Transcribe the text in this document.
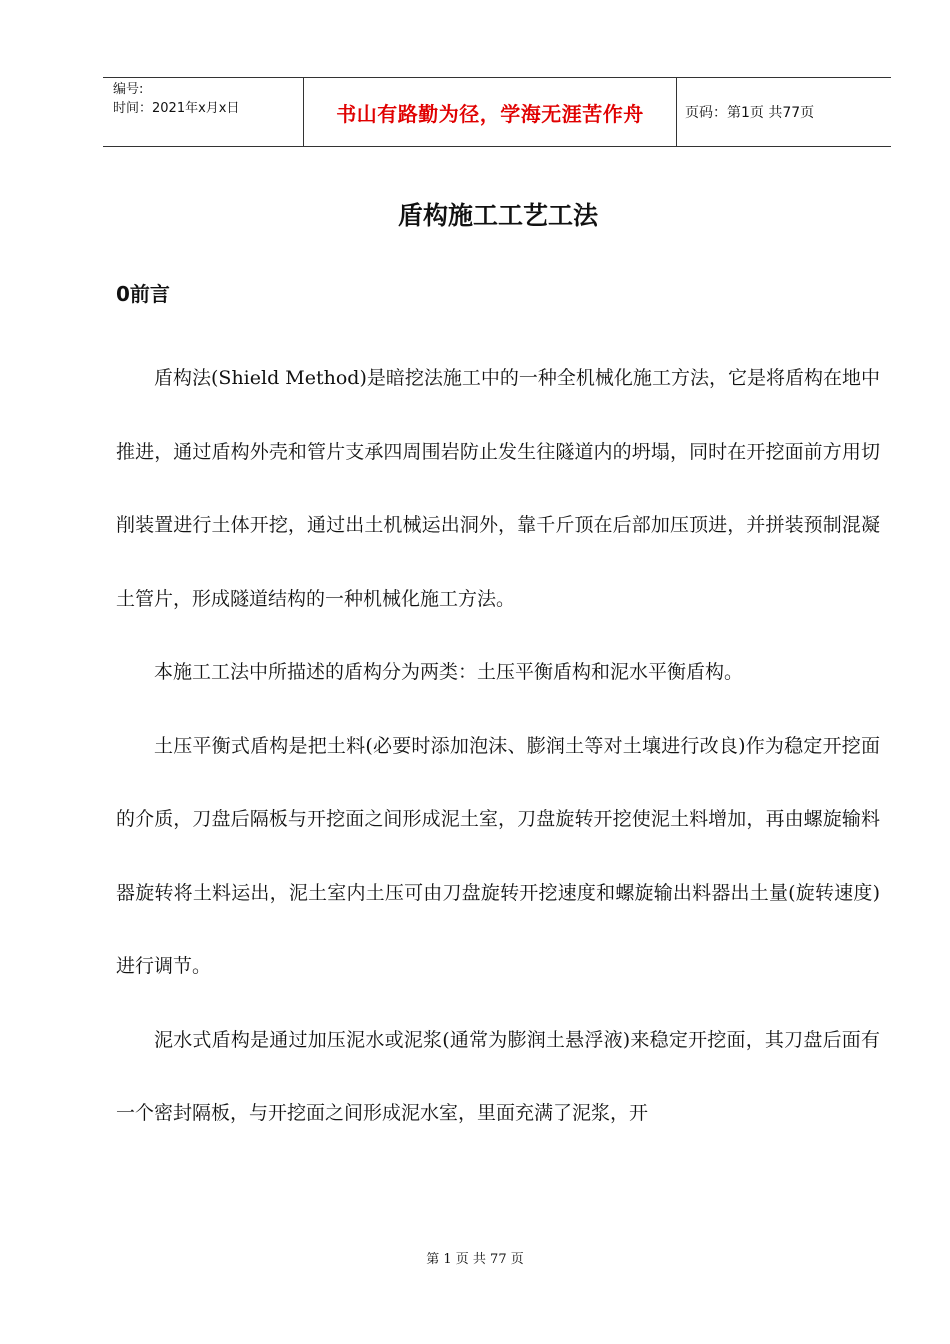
编号:
时间：2021年x月x日	书山有路勤为径，学海无涯苦作舟	页码：第1页 共77页
盾构施工工艺工法
0前言

盾构法(Shield Method)是暗挖法施工中的一种全机械化施工方法，它是将盾构在地中推进，通过盾构外壳和管片支承四周围岩防止发生往隧道内的坍塌，同时在开挖面前方用切削装置进行土体开挖，通过出土机械运出洞外，靠千斤顶在后部加压顶进，并拼装预制混凝土管片，形成隧道结构的一种机械化施工方法。

本施工工法中所描述的盾构分为两类：土压平衡盾构和泥水平衡盾构。

土压平衡式盾构是把土料(必要时添加泡沫、膨润土等对土壤进行改良)作为稳定开挖面的介质，刀盘后隔板与开挖面之间形成泥土室，刀盘旋转开挖使泥土料增加，再由螺旋输料器旋转将土料运出，泥土室内土压可由刀盘旋转开挖速度和螺旋输出料器出土量(旋转速度)进行调节。

泥水式盾构是通过加压泥水或泥浆(通常为膨润土悬浮液)来稳定开挖面，其刀盘后面有一个密封隔板，与开挖面之间形成泥水室，里面充满了泥浆，开

第 1 页 共 77 页
